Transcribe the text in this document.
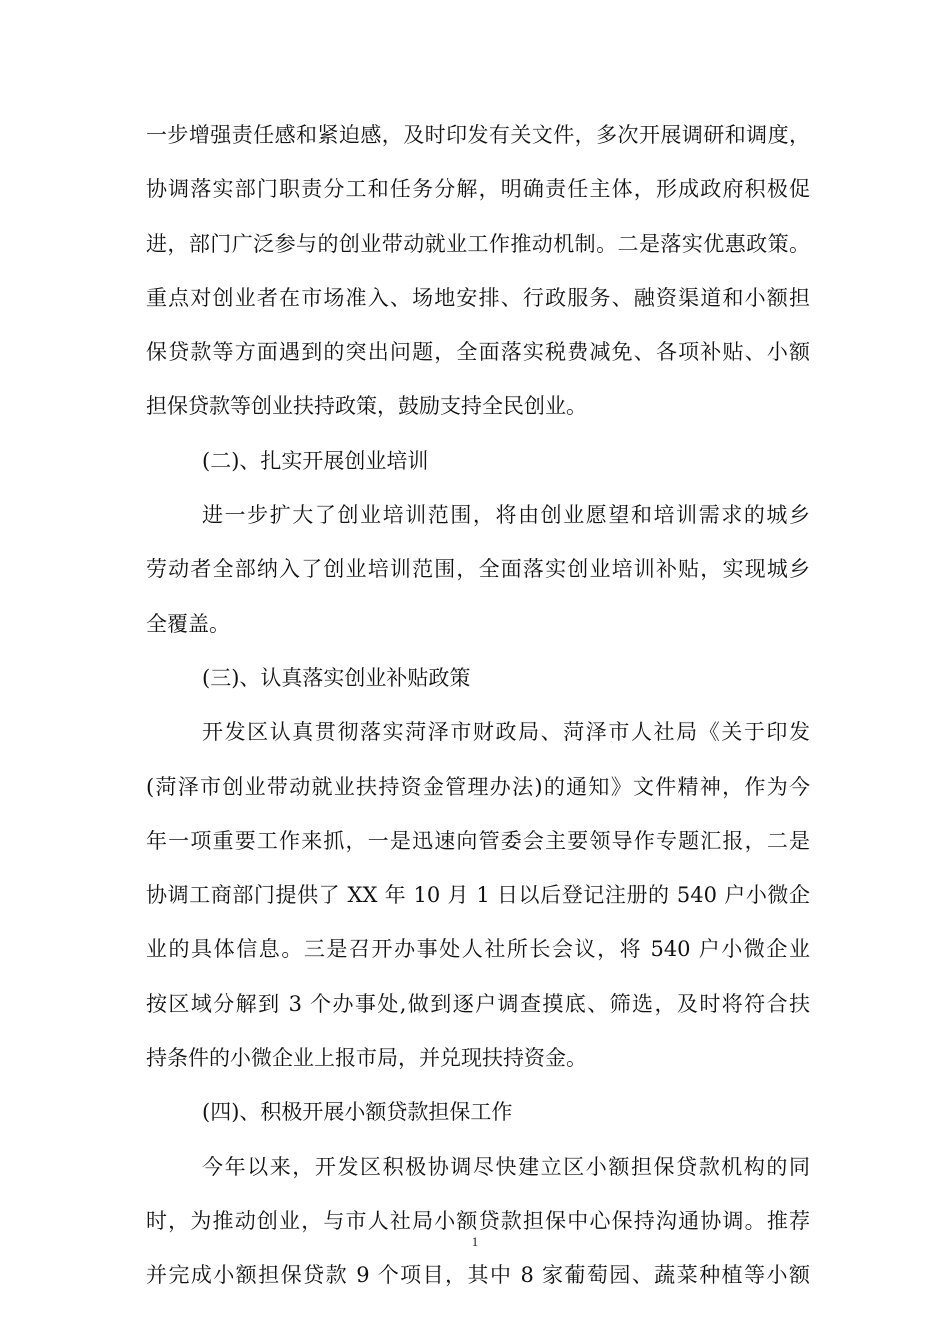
一步增强责任感和紧迫感，及时印发有关文件，多次开展调研和调度，
协调落实部门职责分工和任务分解，明确责任主体，形成政府积极促
进，部门广泛参与的创业带动就业工作推动机制。二是落实优惠政策。
重点对创业者在市场准入、场地安排、行政服务、融资渠道和小额担
保贷款等方面遇到的突出问题，全面落实税费减免、各项补贴、小额
担保贷款等创业扶持政策，鼓励支持全民创业。
(二)、扎实开展创业培训
进一步扩大了创业培训范围，将由创业愿望和培训需求的城乡
劳动者全部纳入了创业培训范围，全面落实创业培训补贴，实现城乡
全覆盖。
(三)、认真落实创业补贴政策
开发区认真贯彻落实菏泽市财政局、菏泽市人社局《关于印发
(菏泽市创业带动就业扶持资金管理办法)的通知》文件精神，作为今
年一项重要工作来抓，一是迅速向管委会主要领导作专题汇报，二是
协调工商部门提供了 XX 年 10 月 1 日以后登记注册的 540 户小微企
业的具体信息。三是召开办事处人社所长会议，将 540 户小微企业
按区域分解到 3 个办事处,做到逐户调查摸底、筛选，及时将符合扶
持条件的小微企业上报市局，并兑现扶持资金。
(四)、积极开展小额贷款担保工作
今年以来，开发区积极协调尽快建立区小额担保贷款机构的同
时，为推动创业，与市人社局小额贷款担保中心保持沟通协调。推荐
并完成小额担保贷款 9 个项目，其中 8 家葡萄园、蔬菜种植等小额
1
